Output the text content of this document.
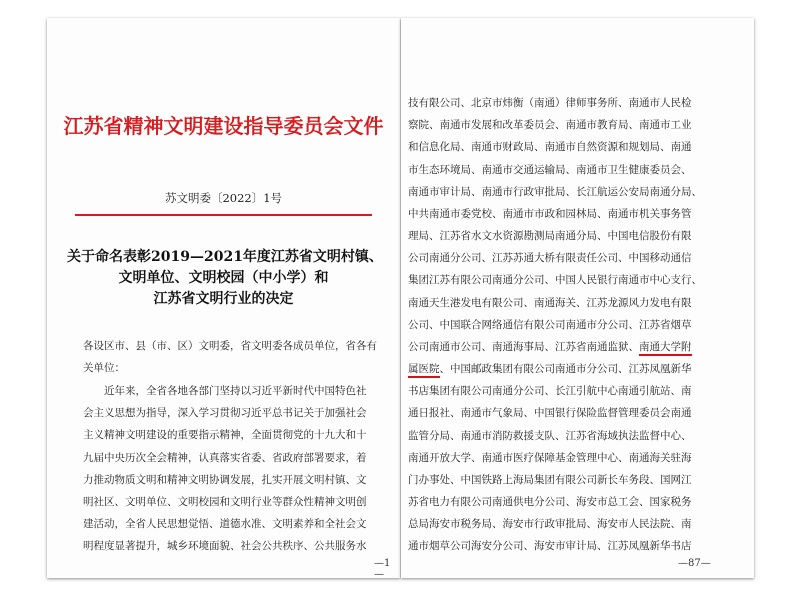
江苏省精神文明建设指导委员会文件
苏文明委〔2022〕1号
关于命名表彰2019—2021年度江苏省文明村镇、
文明单位、文明校园（中小学）和
江苏省文明行业的决定
各设区市、县（市、区）文明委，省文明委各成员单位，省各有
关单位：
　　近年来，全省各地各部门坚持以习近平新时代中国特色社
会主义思想为指导，深入学习贯彻习近平总书记关于加强社会
主义精神文明建设的重要指示精神，全面贯彻党的十九大和十
九届中央历次全会精神，认真落实省委、省政府部署要求，着
力推动物质文明和精神文明协调发展，扎实开展文明村镇、文
明社区、文明单位、文明校园和文明行业等群众性精神文明创
建活动，全省人民思想觉悟、道德水准、文明素养和全社会文
明程度显著提升，城乡环境面貌、社会公共秩序、公共服务水
—1—
技有限公司、北京市炜衡（南通）律师事务所、南通市人民检
察院、南通市发展和改革委员会、南通市教育局、南通市工业
和信息化局、南通市财政局、南通市自然资源和规划局、南通
市生态环境局、南通市交通运输局、南通市卫生健康委员会、
南通市审计局、南通市行政审批局、长江航运公安局南通分局、
中共南通市委党校、南通市市政和园林局、南通市机关事务管
理局、江苏省水文水资源勘测局南通分局、中国电信股份有限
公司南通分公司、江苏苏通大桥有限责任公司、中国移动通信
集团江苏有限公司南通分公司、中国人民银行南通市中心支行、
南通天生港发电有限公司、南通海关、江苏龙源风力发电有限
公司、中国联合网络通信有限公司南通市分公司、江苏省烟草
公司南通市公司、南通海事局、江苏省南通监狱、南通大学附
属医院、中国邮政集团有限公司南通市分公司、江苏凤凰新华
书店集团有限公司南通分公司、长江引航中心南通引航站、南
通日报社、南通市气象局、中国银行保险监督管理委员会南通
监管分局、南通市消防救援支队、江苏省海域执法监督中心、
南通开放大学、南通市医疗保障基金管理中心、南通海关驻海
门办事处、中国铁路上海局集团有限公司新长车务段、国网江
苏省电力有限公司南通供电分公司、海安市总工会、国家税务
总局海安市税务局、海安市行政审批局、海安市人民法院、南
通市烟草公司海安分公司、海安市审计局、江苏凤凰新华书店
—87—
